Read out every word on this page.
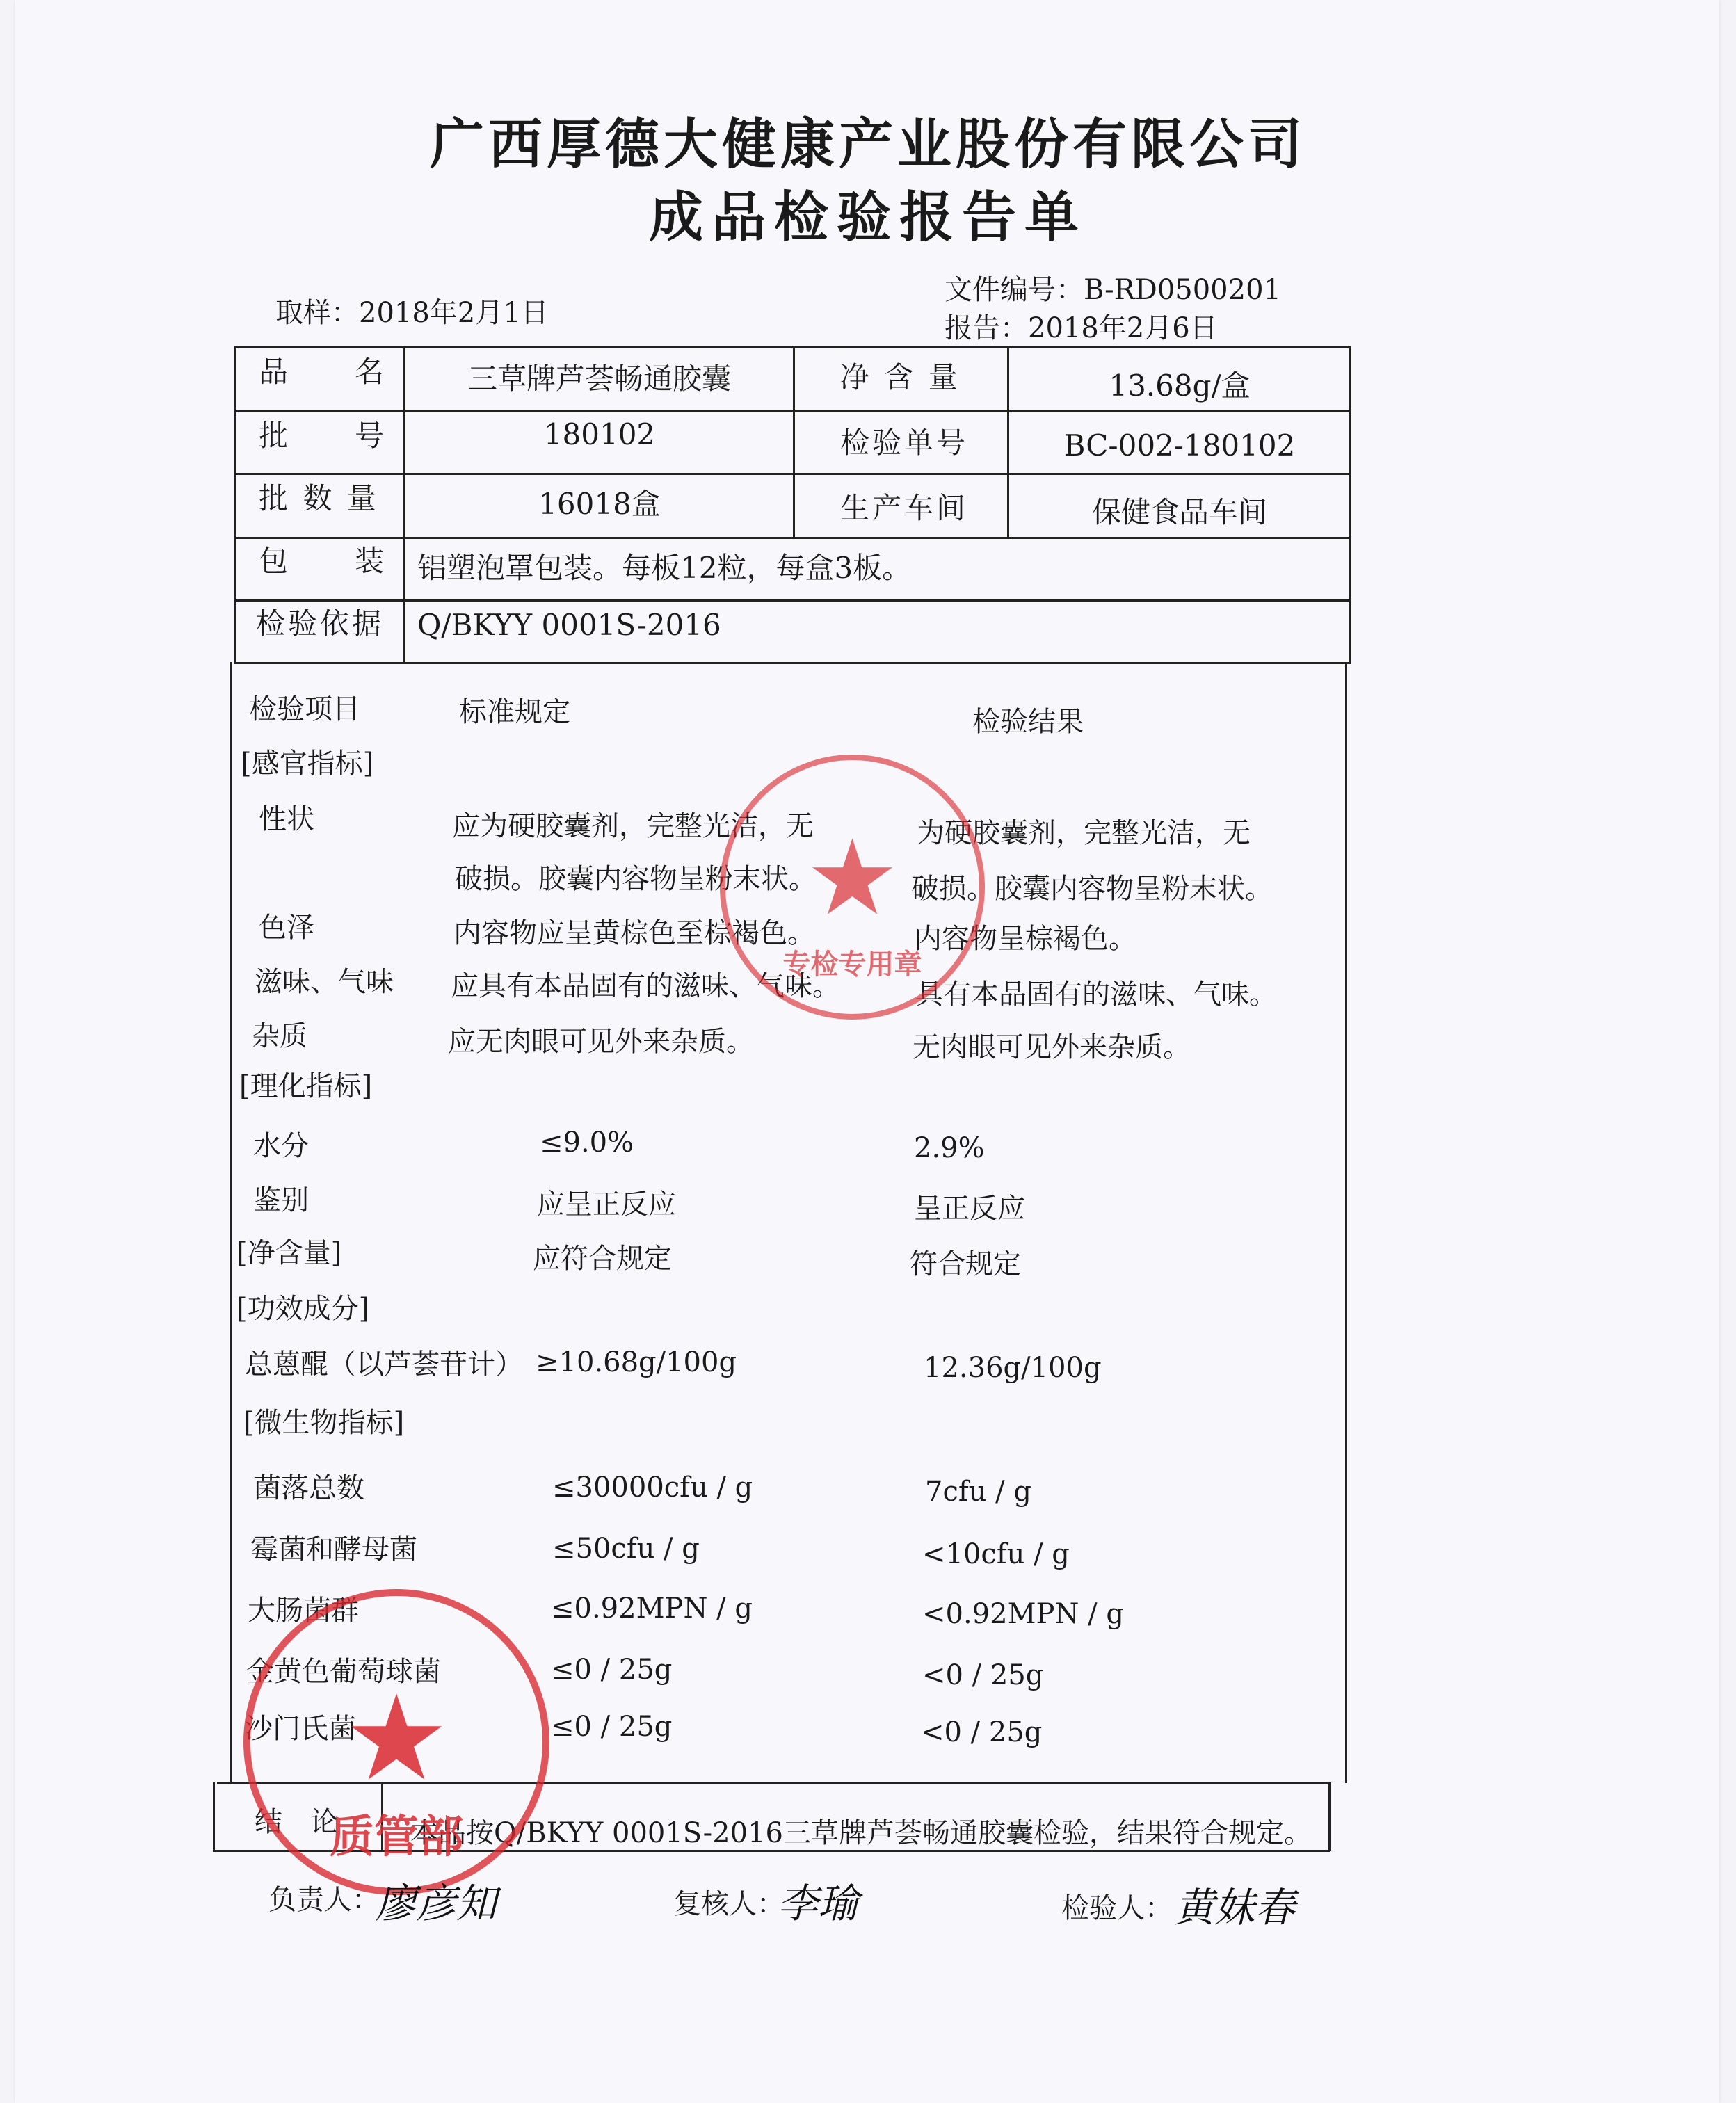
广西厚德大健康产业股份有限公司
成品检验报告单
取样：2018年2月1日
文件编号：B-RD0500201
报告：2018年2月6日
品　　名	三草牌芦荟畅通胶囊	净 含 量	13.68g/盒
批　　号	180102	检验单号	BC-002-180102
批 数 量	16018盒	生产车间	保健食品车间
包　　装 铝塑泡罩包装。每板12粒，每盒3板。
检验依据 Q/BKYY 0001S-2016
检验项目	标准规定	检验结果
[感官指标]
性状	应为硬胶囊剂，完整光洁，无	为硬胶囊剂，完整光洁，无
破损。胶囊内容物呈粉末状。	破损。胶囊内容物呈粉末状。
色泽	内容物应呈黄棕色至棕褐色。	内容物呈棕褐色。
滋味、气味 应具有本品固有的滋味、气味。	具有本品固有的滋味、气味。
杂质	应无肉眼可见外来杂质。	无肉眼可见外来杂质。
[理化指标]
水分	≤9.0%	2.9%
鉴别	应呈正反应	呈正反应
[净含量]	应符合规定	符合规定
[功效成分]
总蒽醌（以芦荟苷计） ≥10.68g/100g	12.36g/100g
[微生物指标]
菌落总数	≤30000cfu / g	7cfu / g
霉菌和酵母菌	≤50cfu / g	<10cfu / g
大肠菌群	≤0.92MPN / g	<0.92MPN / g
金黄色葡萄球菌	≤0 / 25g	<0 / 25g
沙门氏菌	≤0 / 25g	<0 / 25g
结　论	本品按Q/BKYY 0001S-2016三草牌芦荟畅通胶囊检验，结果符合规定。
★
专检专用章
★
质管部
负责人：
廖彦知	复核人：
李瑜	检验人： 黄妹春
